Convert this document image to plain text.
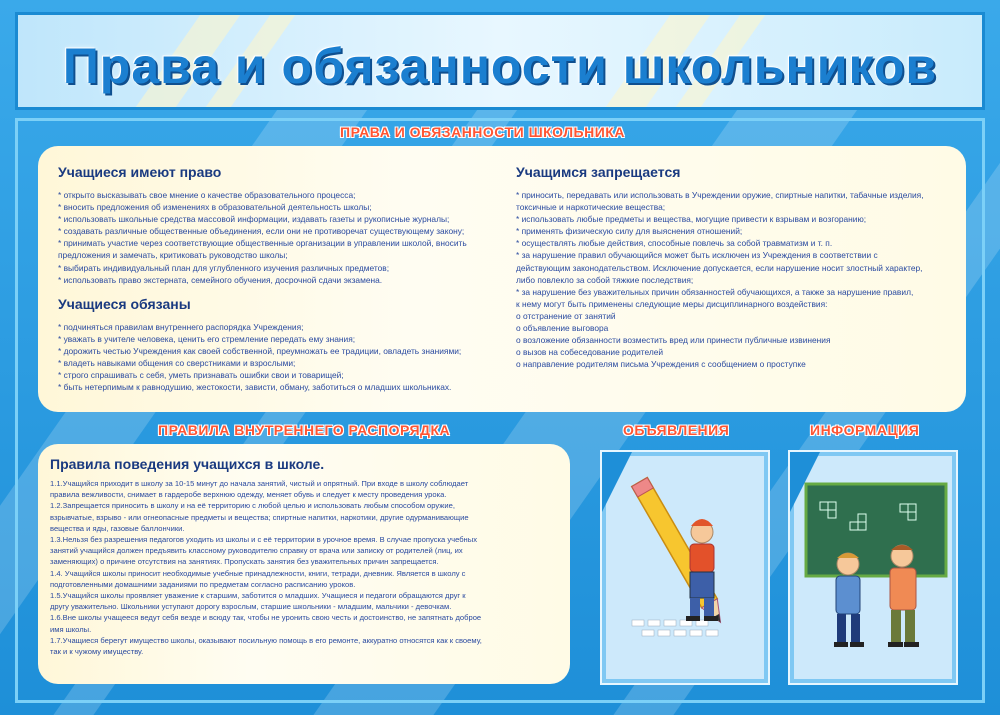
Права и обязанности школьников
ПРАВА И ОБЯЗАННОСТИ ШКОЛЬНИКА
Учащиеся имеют право
* открыто высказывать свое мнение о качестве образовательного процесса;
* вносить предложения об изменениях в образовательной деятельность школы;
* использовать школьные средства массовой информации, издавать газеты и рукописные журналы;
* создавать различные общественные объединения, если они не противоречат существующему закону;
* принимать участие через соответствующие общественные организации в управлении школой, вносить
предложения и замечать, критиковать руководство школы;
* выбирать индивидуальный план для углубленного изучения различных предметов;
* использовать право экстерната, семейного обучения, досрочной сдачи экзамена.
Учащиеся обязаны
* подчиняться правилам внутреннего распорядка Учреждения;
* уважать в учителе человека, ценить его стремление передать ему знания;
* дорожить честью Учреждения как своей собственной, преумножать ее традиции, овладеть знаниями;
* владеть навыками общения со сверстниками и взрослыми;
* строго спрашивать с себя, уметь признавать ошибки свои и товарищей;
* быть нетерпимым к равнодушию, жестокости, зависти, обману, заботиться о младших школьниках.
Учащимся запрещается
* приносить, передавать или использовать в Учреждении оружие, спиртные напитки, табачные изделия,
токсичные и наркотические вещества;
* использовать любые предметы и вещества, могущие привести к взрывам и возгоранию;
* применять физическую силу для выяснения отношений;
* осуществлять любые действия, способные повлечь за собой травматизм и т. п.
* за нарушение правил обучающийся может быть исключен из Учреждения в соответствии с
действующим законодательством. Исключение допускается, если нарушение носит злостный характер,
либо повлекло за собой тяжкие последствия;
* за нарушение без уважительных причин обязанностей обучающихся, а также за нарушение правил,
к нему могут быть применены следующие меры дисциплинарного воздействия:
о отстранение от занятий
о объявление выговора
о возложение обязанности возместить вред или принести публичные извинения
о вызов на собеседование родителей
о направление родителям письма Учреждения с сообщением о проступке
ПРАВИЛА ВНУТРЕННЕГО РАСПОРЯДКА	ОБЪЯВЛЕНИЯ	ИНФОРМАЦИЯ
Правила поведения учащихся в школе.
1.1.Учащийся приходит в школу за 10-15 минут до начала занятий, чистый и опрятный. При входе в школу соблюдает
правила вежливости, снимает в гардеробе верхнюю одежду, меняет обувь и следует к месту проведения урока.
1.2.Запрещается приносить в школу и на её территорию с любой целью и использовать любым способом оружие,
взрывчатые, взрыво - или огнеопасные предметы и вещества; спиртные напитки, наркотики, другие одурманивающие
вещества и яды, газовые баллончики.
1.3.Нельзя без разрешения педагогов уходить из школы и с её территории в урочное время. В случае пропуска учебных
занятий учащийся должен предъявить классному руководителю справку от врача или записку от родителей (лиц, их
заменяющих) о причине отсутствия на занятиях. Пропускать занятия без уважительных причин запрещается.
1.4. Учащийся школы приносит необходимые учебные принадлежности, книги, тетради, дневник. Является в школу с
подготовленными домашними заданиями по предметам согласно расписанию уроков.
1.5.Учащийся школы проявляет уважение к старшим, заботится о младших. Учащиеся и педагоги обращаются друг к
другу уважительно. Школьники уступают дорогу взрослым, старшие школьники - младшим, мальчики - девочкам.
1.6.Вне школы учащееся ведут себя везде и всюду так, чтобы не уронить свою честь и достоинство, не запятнать доброе
имя школы.
1.7.Учащиеся берегут имущество школы, оказывают посильную помощь в его ремонте, аккуратно относятся как к своему,
так и к чужому имуществу.
